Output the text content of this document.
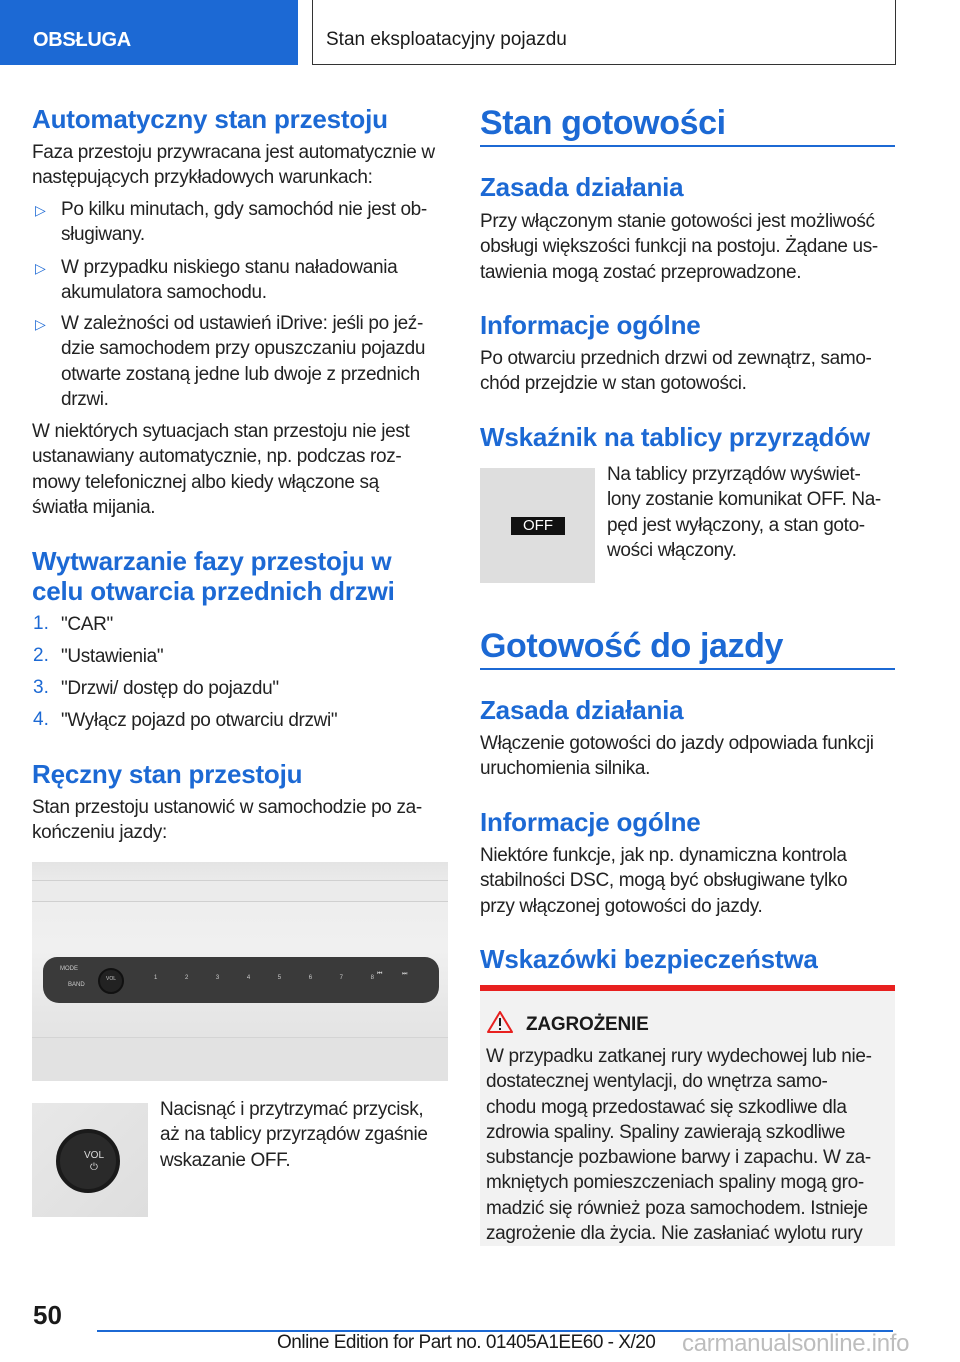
OBSŁUGA	Stan eksploatacyjny pojazdu
Automatyczny stan przestoju
Faza przestoju przywracana jest automatycznie w
następujących przykładowych warunkach:
▷ Po kilku minutach, gdy samochód nie jest ob-
sługiwany.
▷ W przypadku niskiego stanu naładowania
akumulatora samochodu.
▷ W zależności od ustawień iDrive: jeśli po jeź-
dzie samochodem przy opuszczaniu pojazdu
otwarte zostaną jedne lub dwoje z przednich
drzwi.
W niektórych sytuacjach stan przestoju nie jest
ustanawiany automatycznie, np. podczas roz-
mowy telefonicznej albo kiedy włączone są
światła mijania.
Wytwarzanie fazy przestoju w
celu otwarcia przednich drzwi
1. "CAR"
2. "Ustawienia"
3. "Drzwi/ dostęp do pojazdu"
4. "Wyłącz pojazd po otwarciu drzwi"
Ręczny stan przestoju
Stan przestoju ustanowić w samochodzie po za-
kończeniu jazdy:
MODE
BAND
VOL	1	2	3	4	5	6	7	8
⏮	⏭
VOL
⏻
Nacisnąć i przytrzymać przycisk,
aż na tablicy przyrządów zgaśnie
wskazanie OFF.
Stan gotowości
Zasada działania
Przy włączonym stanie gotowości jest możliwość
obsługi większości funkcji na postoju. Żądane us-
tawienia mogą zostać przeprowadzone.
Informacje ogólne
Po otwarciu przednich drzwi od zewnątrz, samo-
chód przejdzie w stan gotowości.
Wskaźnik na tablicy przyrządów
OFF
Na tablicy przyrządów wyświet-
lony zostanie komunikat OFF. Na-
pęd jest wyłączony, a stan goto-
wości włączony.
Gotowość do jazdy
Zasada działania
Włączenie gotowości do jazdy odpowiada funkcji
uruchomienia silnika.
Informacje ogólne
Niektóre funkcje, jak np. dynamiczna kontrola
stabilności DSC, mogą być obsługiwane tylko
przy włączonej gotowości do jazdy.
Wskazówki bezpieczeństwa
ZAGROŻENIE
W przypadku zatkanej rury wydechowej lub nie-
dostatecznej wentylacji, do wnętrza samo-
chodu mogą przedostawać się szkodliwe dla
zdrowia spaliny. Spaliny zawierają szkodliwe
substancje pozbawione barwy i zapachu. W za-
mkniętych pomieszczeniach spaliny mogą gro-
madzić się również poza samochodem. Istnieje
zagrożenie dla życia. Nie zasłaniać wylotu rury
50
Online Edition for Part no. 01405A1EE60 - X/20 carmanualsonline.info
